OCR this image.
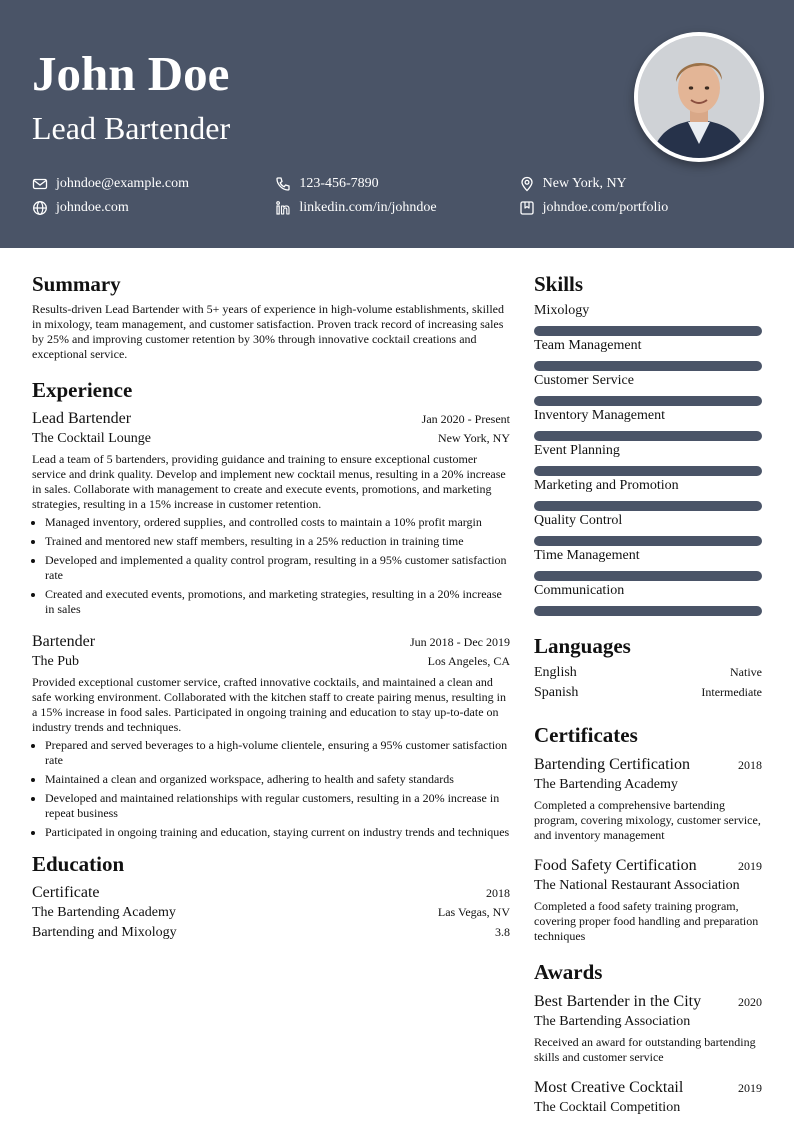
John Doe
Lead Bartender
johndoe@example.com	123-456-7890	New York, NY
johndoe.com	linkedin.com/in/johndoe	johndoe.com/portfolio
Summary
Results-driven Lead Bartender with 5+ years of experience in high-volume establishments, skilled in mixology, team management, and customer satisfaction. Proven track record of increasing sales by 25% and improving customer retention by 30% through innovative cocktail creations and exceptional service.
Experience
Lead Bartender	Jan 2020 - Present
The Cocktail Lounge	New York, NY
Lead a team of 5 bartenders, providing guidance and training to ensure exceptional customer service and drink quality. Develop and implement new cocktail menus, resulting in a 20% increase in sales. Collaborate with management to create and execute events, promotions, and marketing strategies, resulting in a 15% increase in customer retention.
• Managed inventory, ordered supplies, and controlled costs to maintain a 10% profit margin
• Trained and mentored new staff members, resulting in a 25% reduction in training time
• Developed and implemented a quality control program, resulting in a 95% customer satisfaction rate
• Created and executed events, promotions, and marketing strategies, resulting in a 20% increase in sales
Bartender	Jun 2018 - Dec 2019
The Pub	Los Angeles, CA
Provided exceptional customer service, crafted innovative cocktails, and maintained a clean and safe working environment. Collaborated with the kitchen staff to create pairing menus, resulting in a 15% increase in food sales. Participated in ongoing training and education to stay up-to-date on industry trends and techniques.
• Prepared and served beverages to a high-volume clientele, ensuring a 95% customer satisfaction rate
• Maintained a clean and organized workspace, adhering to health and safety standards
• Developed and maintained relationships with regular customers, resulting in a 20% increase in repeat business
• Participated in ongoing training and education, staying current on industry trends and techniques
Education
Certificate	2018
The Bartending Academy	Las Vegas, NV
Bartending and Mixology	3.8
Skills
Mixology
Team Management
Customer Service
Inventory Management
Event Planning
Marketing and Promotion
Quality Control
Time Management
Communication
Languages
English	Native
Spanish	Intermediate
Certificates
Bartending Certification	2018
The Bartending Academy
Completed a comprehensive bartending program, covering mixology, customer service, and inventory management
Food Safety Certification	2019
The National Restaurant Association
Completed a food safety training program, covering proper food handling and preparation techniques
Awards
Best Bartender in the City	2020
The Bartending Association
Received an award for outstanding bartending skills and customer service
Most Creative Cocktail	2019
The Cocktail Competition
